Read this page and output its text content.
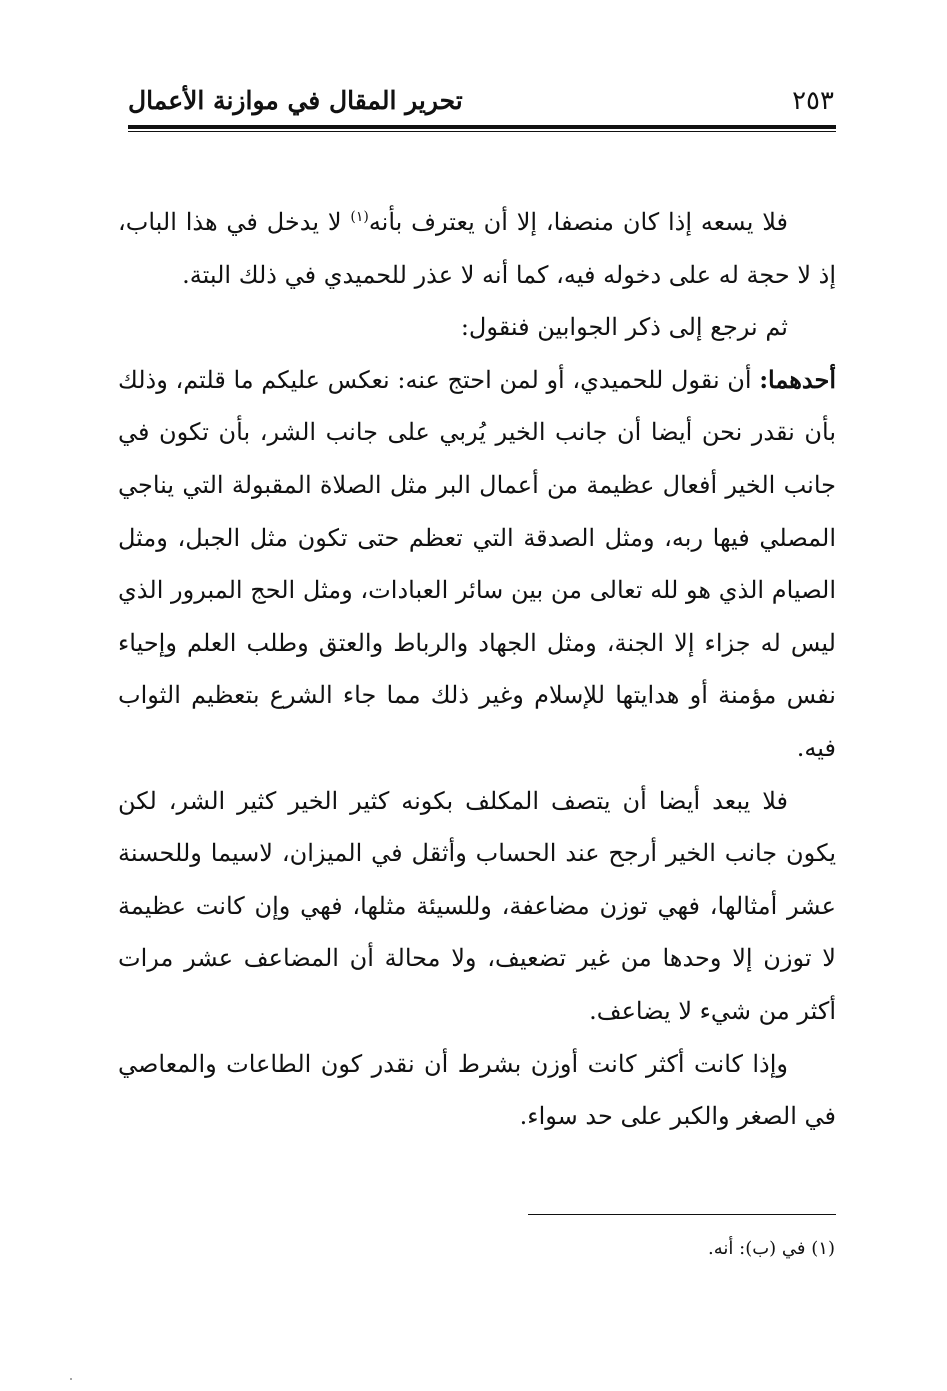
٢٥٣
تحرير المقال في موازنة الأعمال

فلا يسعه إذا كان منصفا، إلا أن يعترف بأنه$^{(١)}$ لا يدخل في هذا الباب، إذ لا حجة له على دخوله فيه، كما أنه لا عذر للحميدي في ذلك البتة.

ثم نرجع إلى ذكر الجوابين فنقول:

أحدهما: أن نقول للحميدي، أو لمن احتج عنه: نعكس عليكم ما قلتم، وذلك بأن نقدر نحن أيضا أن جانب الخير يُربي على جانب الشر، بأن تكون في جانب الخير أفعال عظيمة من أعمال البر مثل الصلاة المقبولة التي يناجي المصلي فيها ربه، ومثل الصدقة التي تعظم حتى تكون مثل الجبل، ومثل الصيام الذي هو لله تعالى من بين سائر العبادات، ومثل الحج المبرور الذي ليس له جزاء إلا الجنة، ومثل الجهاد والرباط والعتق وطلب العلم وإحياء نفس مؤمنة أو هدايتها للإسلام وغير ذلك مما جاء الشرع بتعظيم الثواب فيه.

فلا يبعد أيضا أن يتصف المكلف بكونه كثير الخير كثير الشر، لكن يكون جانب الخير أرجح عند الحساب وأثقل في الميزان، لاسيما وللحسنة عشر أمثالها، فهي توزن مضاعفة، وللسيئة مثلها، فهي وإن كانت عظيمة لا توزن إلا وحدها من غير تضعيف، ولا محالة أن المضاعف عشر مرات أكثر من شيء لا يضاعف.

وإذا كانت أكثر كانت أوزن بشرط أن نقدر كون الطاعات والمعاصي في الصغر والكبر على حد سواء.

(١) في (ب): أنه.
